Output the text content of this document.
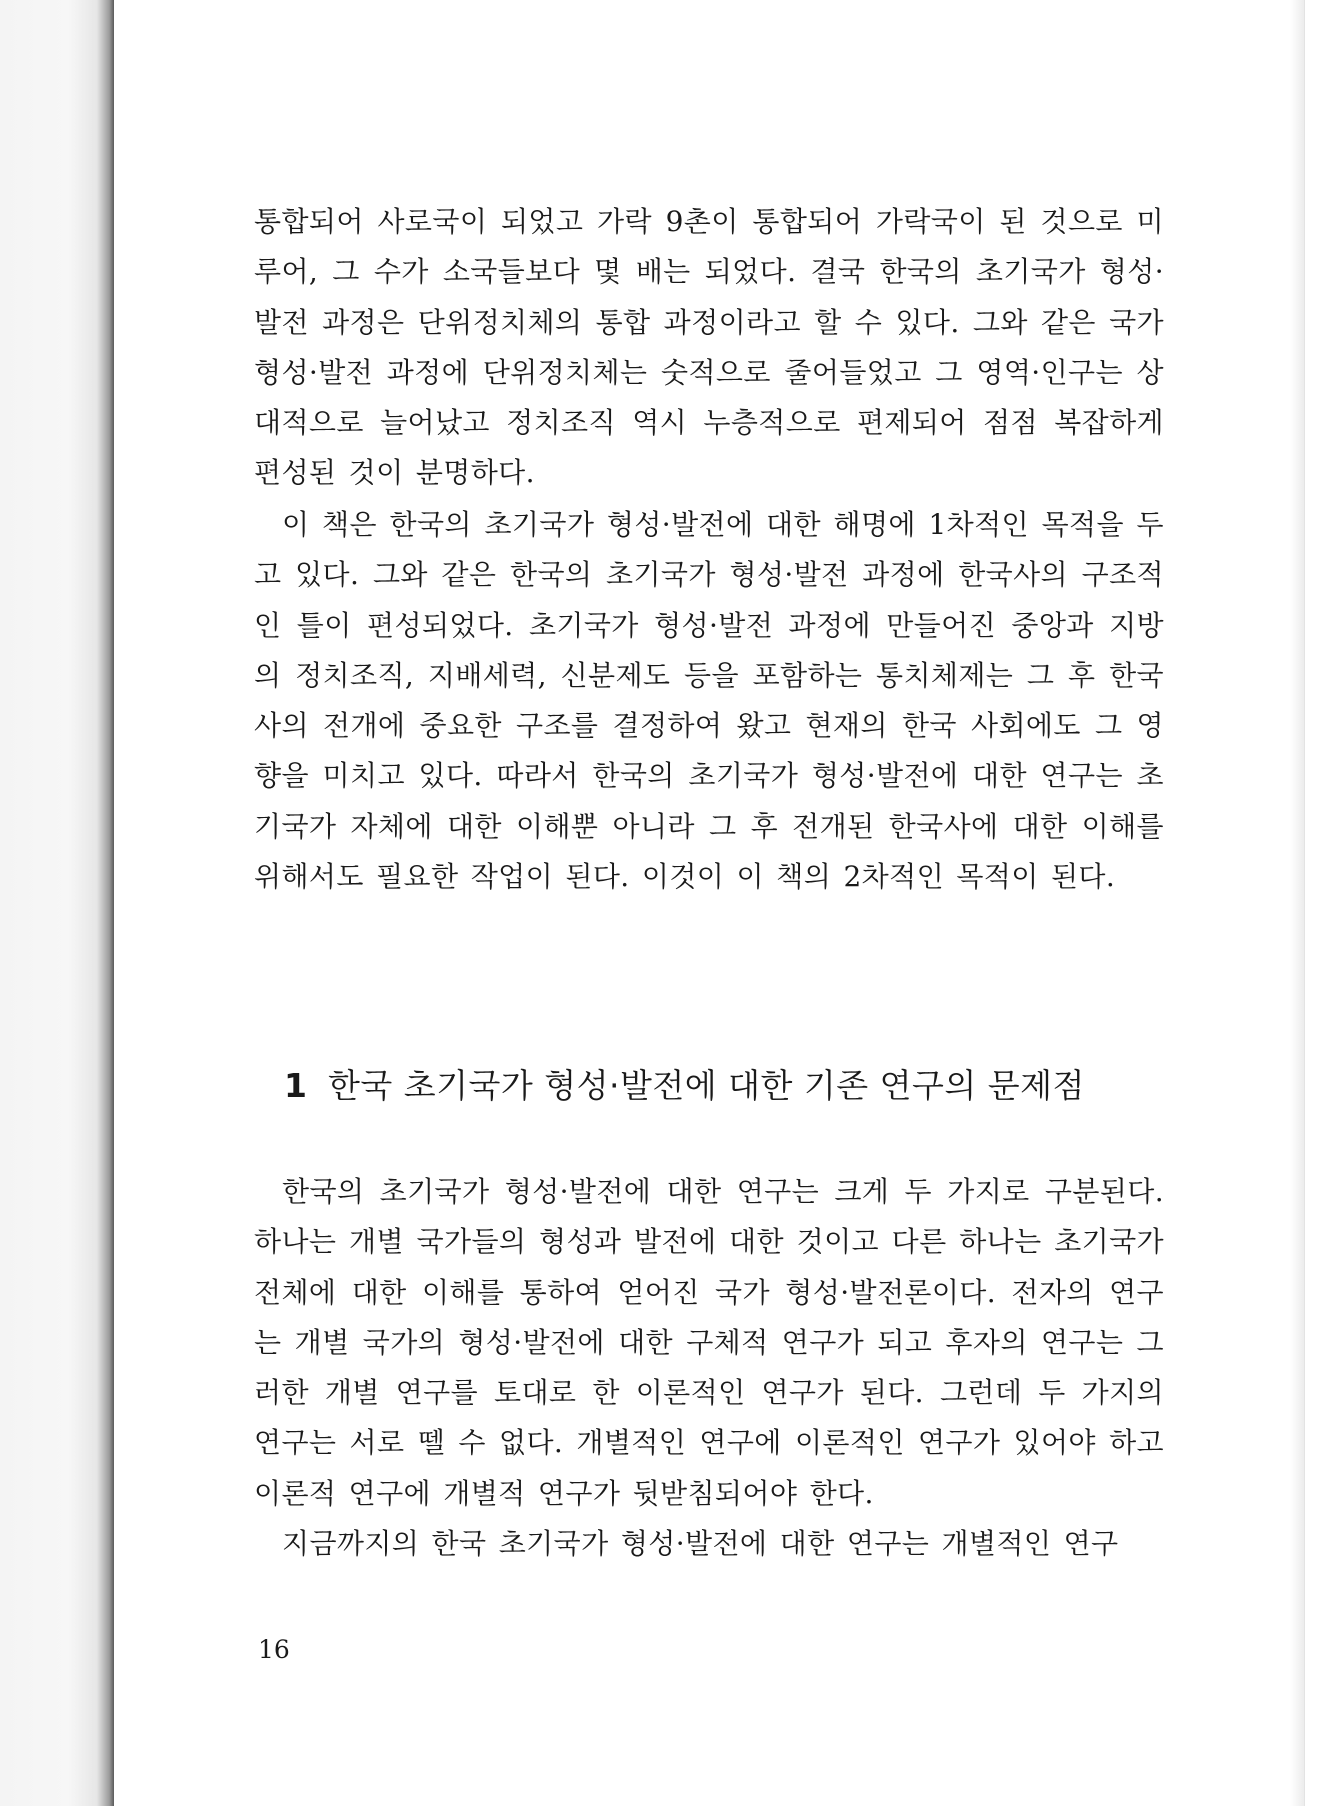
통합되어 사로국이 되었고 가락 9촌이 통합되어 가락국이 된 것으로 미루어, 그 수가 소국들보다 몇 배는 되었다. 결국 한국의 초기국가 형성·발전 과정은 단위정치체의 통합 과정이라고 할 수 있다. 그와 같은 국가 형성·발전 과정에 단위정치체는 숫적으로 줄어들었고 그 영역·인구는 상대적으로 늘어났고 정치조직 역시 누층적으로 편제되어 점점 복잡하게 편성된 것이 분명하다.

이 책은 한국의 초기국가 형성·발전에 대한 해명에 1차적인 목적을 두고 있다. 그와 같은 한국의 초기국가 형성·발전 과정에 한국사의 구조적인 틀이 편성되었다. 초기국가 형성·발전 과정에 만들어진 중앙과 지방의 정치조직, 지배세력, 신분제도 등을 포함하는 통치체제는 그 후 한국사의 전개에 중요한 구조를 결정하여 왔고 현재의 한국 사회에도 그 영향을 미치고 있다. 따라서 한국의 초기국가 형성·발전에 대한 연구는 초기국가 자체에 대한 이해뿐 아니라 그 후 전개된 한국사에 대한 이해를 위해서도 필요한 작업이 된다. 이것이 이 책의 2차적인 목적이 된다.

1 한국 초기국가 형성·발전에 대한 기존 연구의 문제점

한국의 초기국가 형성·발전에 대한 연구는 크게 두 가지로 구분된다. 하나는 개별 국가들의 형성과 발전에 대한 것이고 다른 하나는 초기국가 전체에 대한 이해를 통하여 얻어진 국가 형성·발전론이다. 전자의 연구는 개별 국가의 형성·발전에 대한 구체적 연구가 되고 후자의 연구는 그러한 개별 연구를 토대로 한 이론적인 연구가 된다. 그런데 두 가지의 연구는 서로 뗄 수 없다. 개별적인 연구에 이론적인 연구가 있어야 하고 이론적 연구에 개별적 연구가 뒷받침되어야 한다.

지금까지의 한국 초기국가 형성·발전에 대한 연구는 개별적인 연구

16
